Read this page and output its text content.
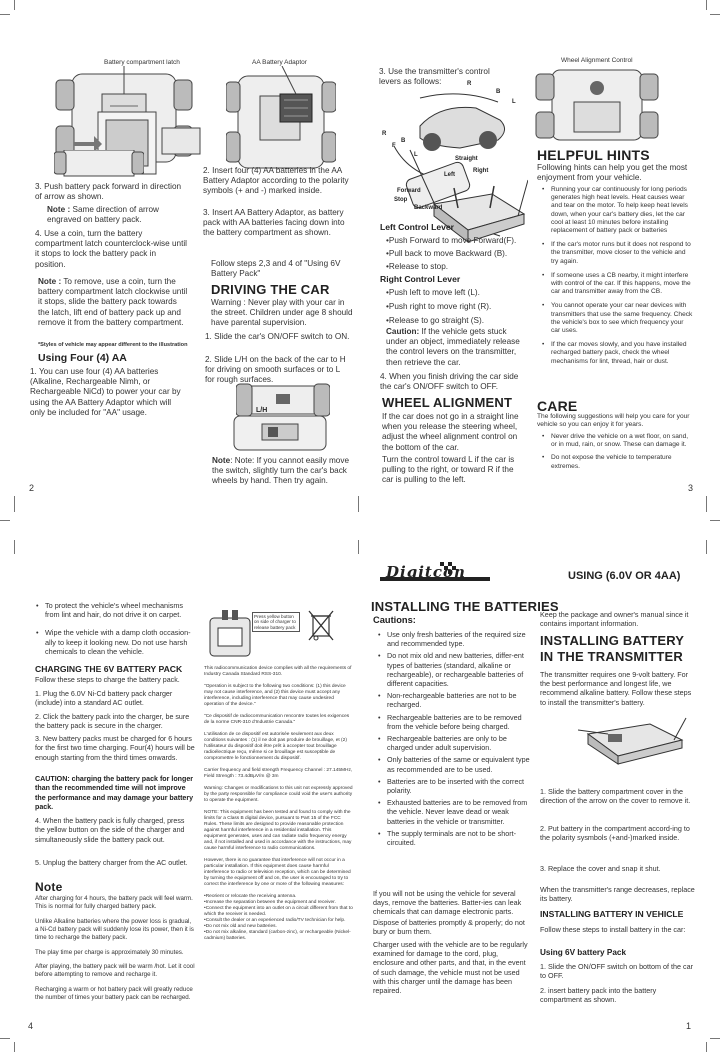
Battery compartment latch	AA Battery Adaptor
3. Push battery pack forward in direction of arrow as shown.
Note : Same direction of arrow engraved on battery pack.
4. Use a coin, turn the battery compartment latch counterclock-wise until it stops to lock the battery pack in position.
Note : To remove, use a coin, turn the battery compartment latch clockwise until it stops, slide the battery pack towards the latch, lift end of battery pack up and remove it from the battery compartment.
*Styles of vehicle may appear different to the illustration
Using Four (4) AA
1. You can use four (4) AA batteries (Alkaline, Rechargeable Nimh, or Rechargeable NiCd) to power your car by using the AA Battery Adaptor which will only be included for "AA" usage.
2. Insert four (4) AA batteries in the AA Battery Adaptor according to the polarity symbols (+ and -) marked inside.
3. Insert AA Battery Adaptor, as battery pack with AA batteries facing down into the battery compartment as shown.
Follow steps 2,3 and 4 of "Using 6V Battery Pack"
DRIVING THE CAR
Warning : Never play with your car in the street. Children under age 8 should have parental supervision.
1. Slide the car's ON/OFF switch to ON.
2. Slide L/H on the back of the car to H for driving on smooth surfaces or to L for rough surfaces.
L/H
Note: Note: If you cannot easily move the switch, slightly turn the car's back wheels by hand. Then try again.
2
3. Use the transmitter's control levers as follows:	R
B
L
R
F
B
L
Straight
Left
Right
Forward
Stop
Backward
Left Control Lever
•Push Forward to move Forward(F).
•Pull back to move Backward (B).
•Release to stop.
Right Control Lever
•Push left to move left (L).
•Push right to move right (R).
•Release to go straight (S).
Caution: If the vehicle gets stuck under an object, immediately release the control levers on the transmitter, then retrieve the car.
4. When you finish driving the car side the car's ON/OFF switch to OFF.
WHEEL ALIGNMENT
If the car does not go in a straight line when you release the steering wheel, adjust the wheel alignment control on the bottom of the car.
Turn the control toward L if the car is pulling to the right, or toward R if the car is pulling to the left.
Wheel Alignment Control
HELPFUL HINTS
Following hints can help you get the most enjoyment from your vehicle.
• Running your car continuously for long periods generates high heat levels. Heat causes wear and tear on the motor. To help keep heat levels down, when your car's battery dies, let the car cool at least 10 minutes before installing replacement of battery pack or batteries
• If the car's motor runs but it does not respond to the transmitter, move closer to the vehicle and try again.
• If someone uses a CB nearby, it might interfere with control of the car. If this happens, move the car and transmitter away from the CB.
• You cannot operate your car near devices with transmitters that use the same frequency. Check the vehicle's box to see which frequency your car uses.
• If the car moves slowly, and you have installed recharged battery pack, check the wheel mechanisms for lint, thread, hair or dust.
CARE
The following suggestions will help you care for your vehicle so you can enjoy it for years.
• Never drive the vehicle on a wet floor, on sand, or in mud, rain, or snow. These can damage it.
• Do not expose the vehicle to temperature extremes.
3
• To protect the vehicle's wheel mechanisms from lint and hair, do not drive it on carpet.
• Wipe the vehicle with a damp cloth occasion-ally to keep it looking new. Do not use harsh chemicals to clean the vehicle.
CHARGING THE 6V BATTERY PACK
Follow these steps to charge the battery pack.
1. Plug the 6.0V Ni-Cd battery pack charger (include) into a standard AC outlet.
2. Click the battery pack into the charger, be sure the battery pack is secure in the charger.
3. New battery packs must be charged for 6 hours for the first two time charging. Four(4) hours will be enough starting from the third times onwards.
CAUTION: charging the battery pack for longer than the recommended time will not improve the performance and may damage your battery pack.
4. When the battery pack is fully charged, press the yellow button on the side of the charger and simultaneously slide the battery pack out.
5. Unplug the battery charger from the AC outlet.
Note
After charging for 4 hours, the battery pack will feel warm. This is normal for fully charged battery pack.
Unlike Alkaline batteries where the power loss is gradual, a Ni-Cd battery pack will suddenly lose its power, then it is time to recharge the battery pack.
The play time per charge is approximately 30 minutes.
After playing, the battery pack will be warm /hot. Let it cool before attempting to remove and recharge it.
Recharging a warm or hot battery pack will greatly reduce the number of times your battery pack can be recharged.
4
Press yellow button on side of charger to release battery pack
This radiocommunication device complies with all the requirements of Industry Canada Standard RSS-310.
"Operation is subject to the following two conditions: (1) this device may not cause interference, and (2) this device must accept any interference, including interference that may cause undesired operation of the device."
"Ce dispositif de radiocommunication rencontre toutes les exigences de la norme CNR-310 d'Industrie Canada."
L'utilisation de ce dispositif est autorisée seulement aux deux conditions suivantes : (1) il ne doit pas produire de brouillage, et (2) l'utilisateur du dispositif doit être prêt à accepter tout brouillage radioélectrique reçu, même si ce brouillage est susceptible de compromettre le fonctionnement du dispositif.
Carrier frequency and field strength Frequency Channel : 27.145MHz, Field Strength : 73.4dBμV/m @ 3m
Warning: Changes or modifications to this unit not expressly approved by the party responsible for compliance could void the user's authority to operate the equipment.
NOTE: This equipment has been tested and found to comply with the limits for a Class B digital device, pursuant to Part 15 of the FCC Rules. These limits are designed to provide reasonable protection against harmful interference in a residential installation. This equipment generates, uses and can radiate radio frequency energy and, if not installed and used in accordance with the instructions, may cause harmful interference to radio communications.
However, there is no guarantee that interference will not occur in a particular installation. If this equipment does cause harmful interference to radio or television reception, which can be determined by turning the equipment off and on, the user is encouraged to try to correct the interference by one or more of the following measures:
•Reorient or relocate the receiving antenna.
•Increase the separation between the equipment and receiver.
•Connect the equipment into an outlet on a circuit different from that to which the receiver is needed.
•Consult the dealer or an experienced radio/TV technician for help.
•Do not mix old and new batteries.
•Do not mix alkaline, standard (carbon-zinc), or rechargeable (Nickel-cadmium) batteries.
Digitcon	USING (6.0V OR 4AA)
INSTALLING THE BATTERIES
Cautions:
• Use only fresh batteries of the required size and recommended type.
• Do not mix old and new batteries, differ-ent types of batteries (standard, alkaline or rechargeable), or rechargeable batteries of different capacities.
• Non-rechargeable batteries are not to be recharged.
• Rechargeable batteries are to be removed from the vehicle before being charged.
• Rechargeable batteries are only to be charged under adult supervision.
• Only batteries of the same or equivalent type as recommended are to be used.
• Batteries are to be inserted with the correct polarity.
• Exhausted batteries are to be removed from the vehicle. Never leave dead or weak batteries in the vehicle or transmitter.
• The supply terminals are not to be short-circuited.
If you will not be using the vehicle for several days, remove the batteries. Batter-ies can leak chemicals that can damage electronic parts.
Dispose of batteries promptly & properly; do not bury or burn them.
Charger used with the vehicle are to be regularly examined for damage to the cord, plug, enclosure and other parts, and that, in the event of such damage, the vehicle must not be used with this charger until the damage has been repaired.
Keep the package and owner's manual since it contains important information.
INSTALLING BATTERY IN THE TRANSMITTER
The transmitter requires one 9-volt battery. For the best performance and longest life, we recommend alkaline battery. Follow these steps to install the transmitter's battery.
1. Slide the battery compartment cover in the direction of the arrow on the cover to remove it.
2. Put battery in the compartment accord-ing to the polarity sysmbols (+and-)marked inside.
3. Replace the cover and snap it shut.
When the transmitter's range decreases, replace its battery.
INSTALLING BATTERY IN VEHICLE
Follow these steps to install battery in the car:
Using 6V battery Pack
1. Slide the ON/OFF switch on bottom of the car to OFF.
2. insert battery pack into the battery compartment as shown.
1
